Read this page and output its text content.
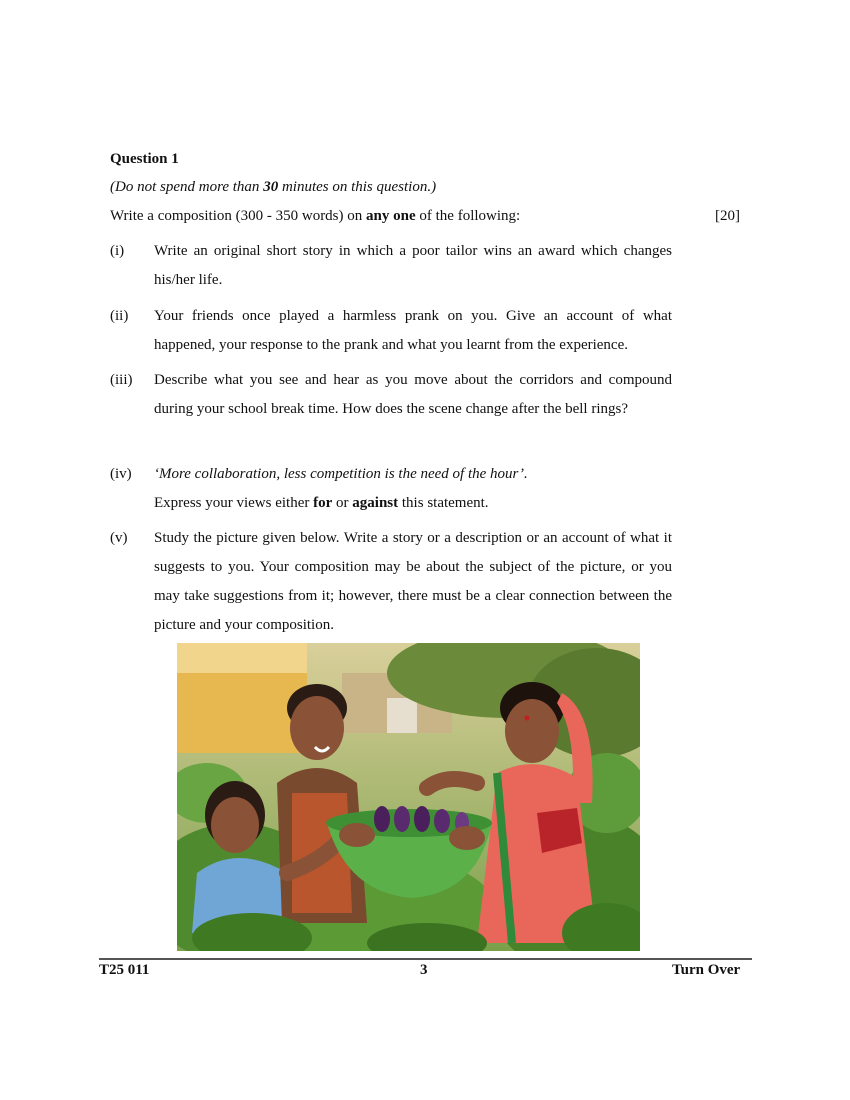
Question 1
(Do not spend more than 30 minutes on this question.)
Write a composition (300 - 350 words) on any one of the following:	[20]
(i)	Write an original short story in which a poor tailor wins an award which changes his/her life.

(ii)	Your friends once played a harmless prank on you. Give an account of what happened, your response to the prank and what you learnt from the experience.

(iii)	Describe what you see and hear as you move about the corridors and compound during your school break time. How does the scene change after the bell rings?

(iv)	‘More collaboration, less competition is the need of the hour’.

Express your views either for or against this statement.

(v)	Study the picture given below. Write a story or a description or an account of what it suggests to you. Your composition may be about the subject of the picture, or you may take suggestions from it; however, there must be a clear connection between the picture and your composition.

T25 011	3	Turn Over
